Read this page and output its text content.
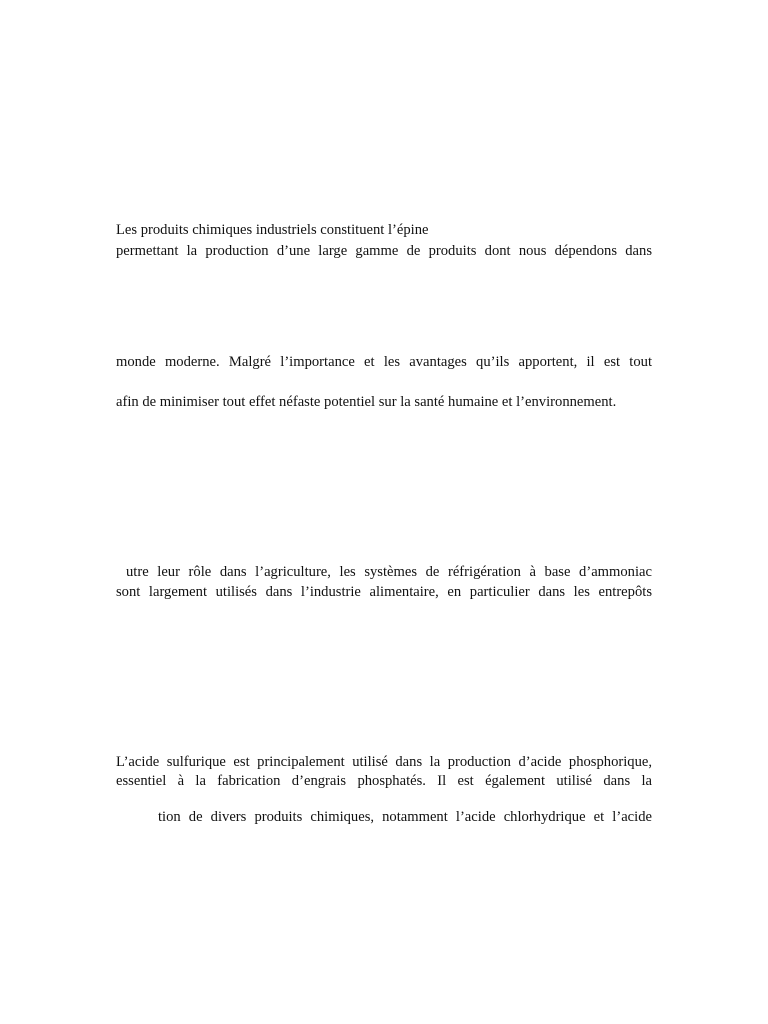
Les produits chimiques industriels constituent l’épine

permettant la production d’une large gamme de produits dont nous dépendons dans

monde moderne. Malgré l’importance et les avantages qu’ils apportent, il est tout

afin de minimiser tout effet néfaste potentiel sur la santé humaine et l’environnement.

utre leur rôle dans l’agriculture, les systèmes de réfrigération à base d’ammoniac

sont largement utilisés dans l’industrie alimentaire, en particulier dans les entrepôts

L’acide sulfurique est principalement utilisé dans la production d’acide phosphorique,

essentiel à la fabrication d’engrais phosphatés. Il est également utilisé dans la

tion de divers produits chimiques, notamment l’acide chlorhydrique et l’acide
